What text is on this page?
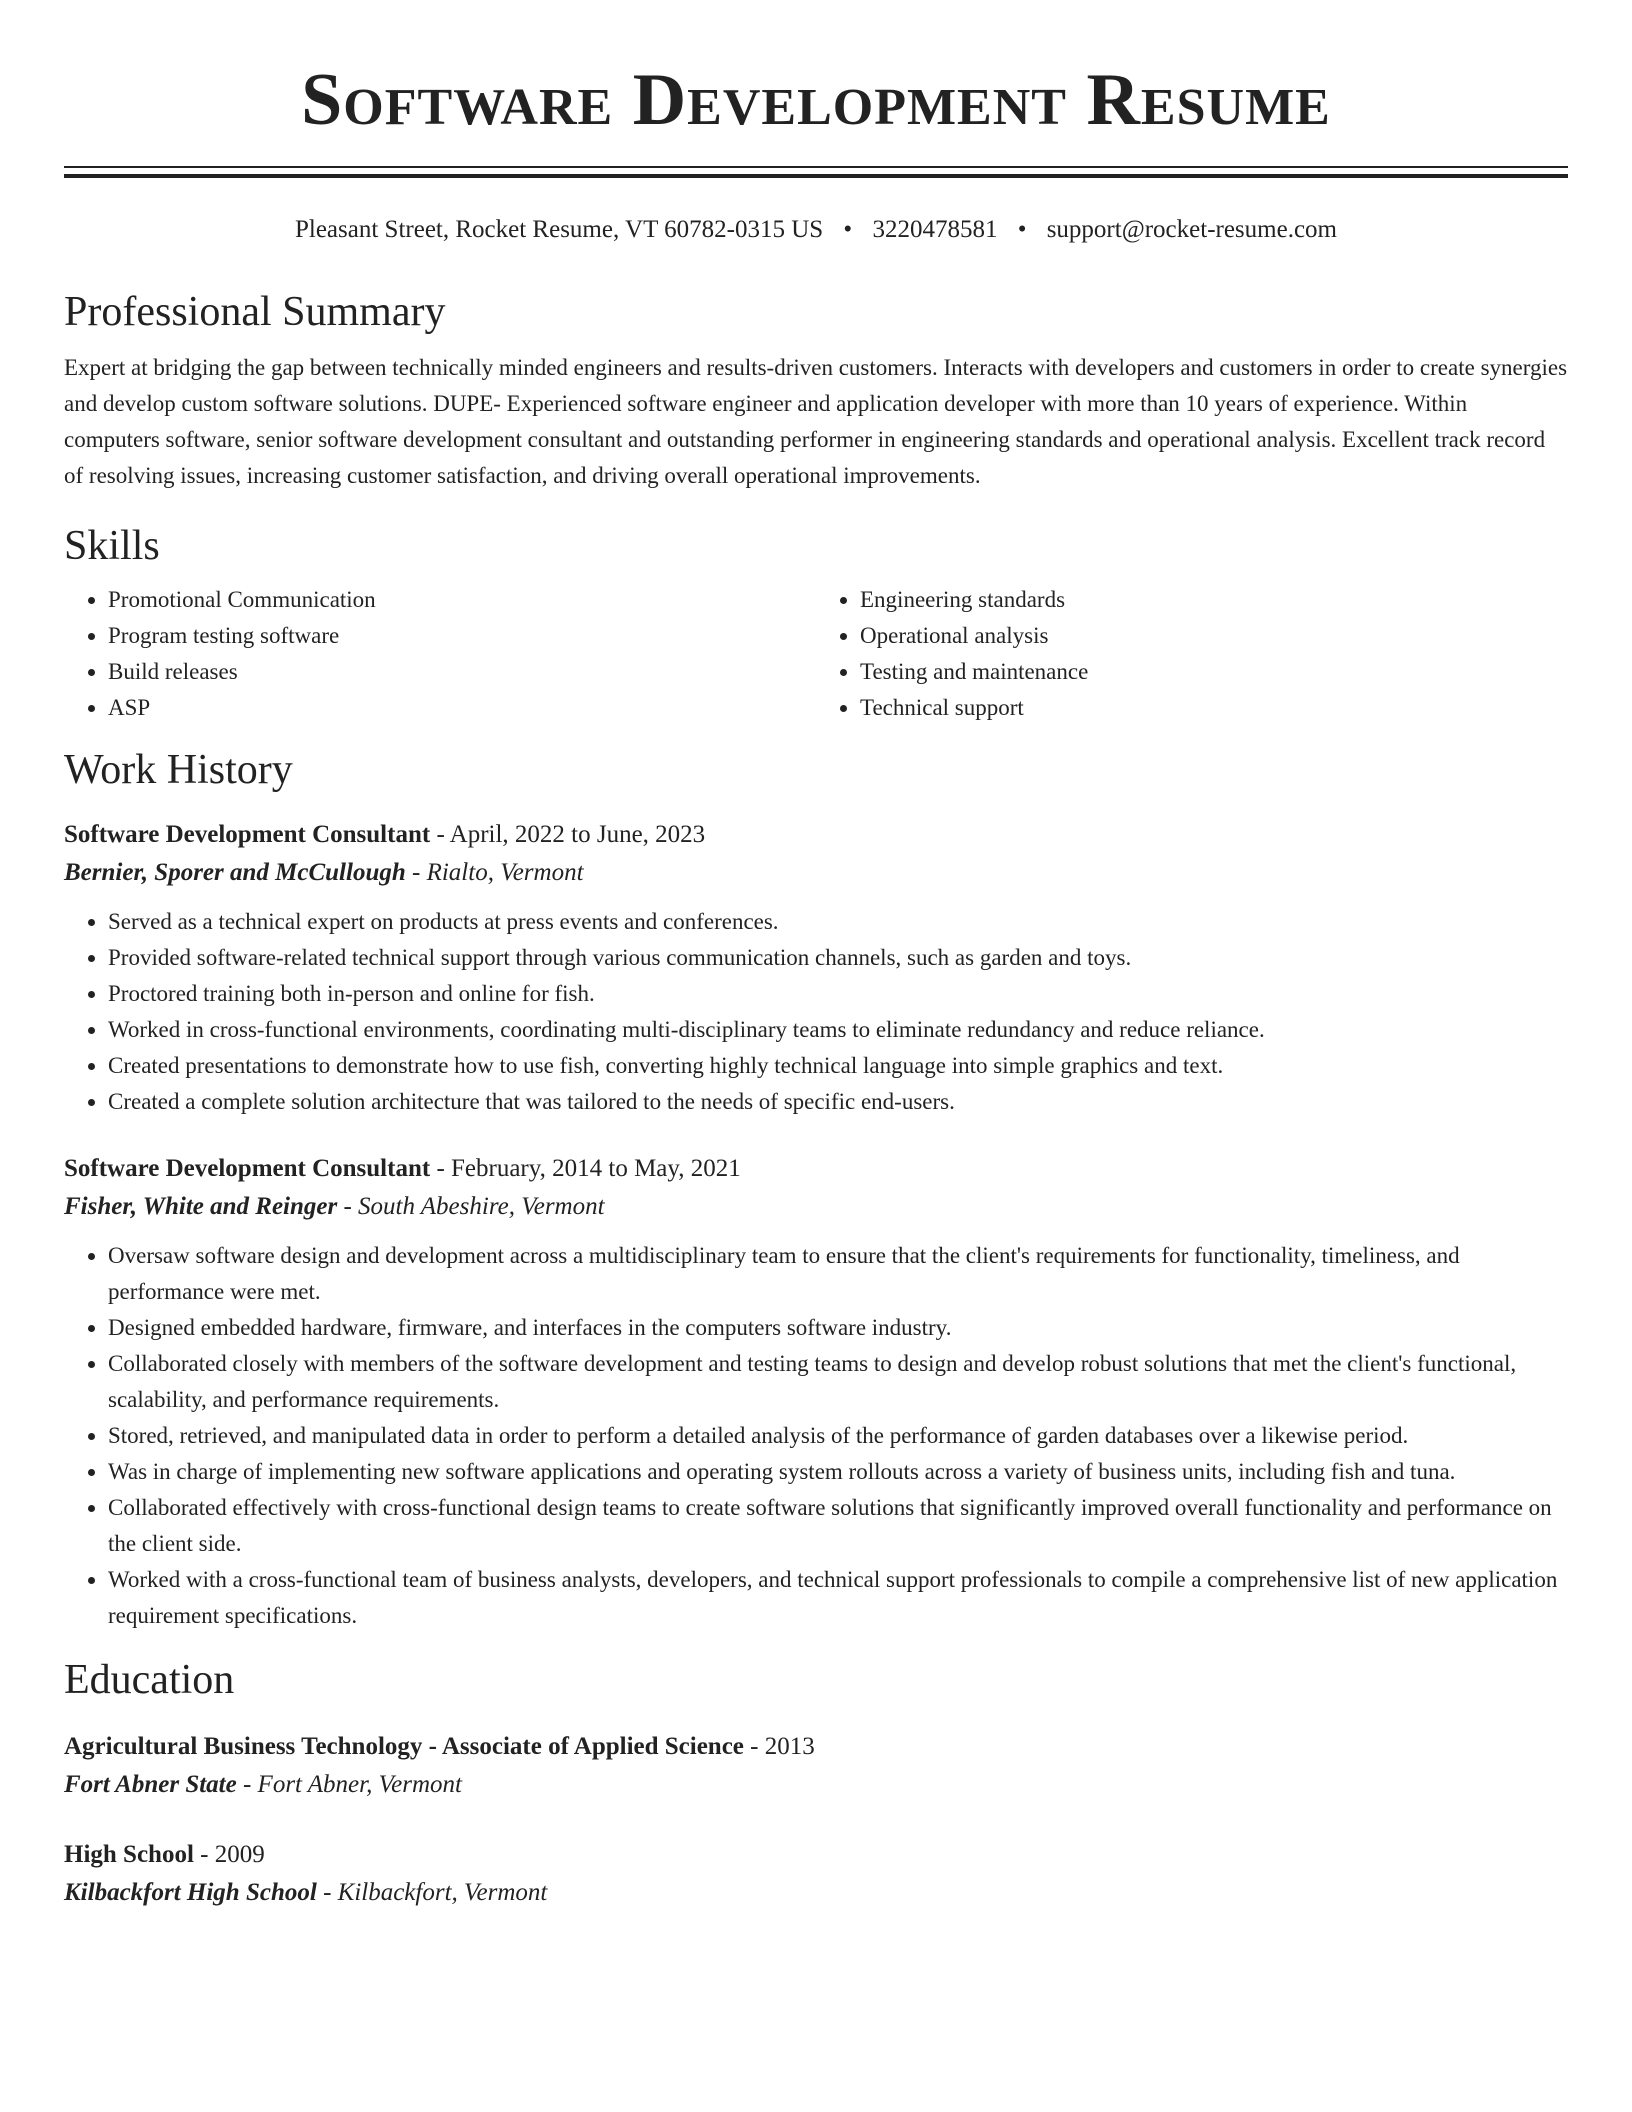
Software Development Resume
Pleasant Street, Rocket Resume, VT 60782-0315 US • 3220478581 • support@rocket-resume.com
Professional Summary

Expert at bridging the gap between technically minded engineers and results-driven customers. Interacts with developers and customers in order to create synergies and develop custom software solutions. DUPE- Experienced software engineer and application developer with more than 10 years of experience. Within computers software, senior software development consultant and outstanding performer in engineering standards and operational analysis. Excellent track record of resolving issues, increasing customer satisfaction, and driving overall operational improvements.

Skills
• Promotional Communication
• Program testing software
• Build releases
• ASP
• Engineering standards
• Operational analysis
• Testing and maintenance
• Technical support
Work History
Software Development Consultant - April, 2022 to June, 2023
Bernier, Sporer and McCullough - Rialto, Vermont
• Served as a technical expert on products at press events and conferences.
• Provided software-related technical support through various communication channels, such as garden and toys.
• Proctored training both in-person and online for fish.
• Worked in cross-functional environments, coordinating multi-disciplinary teams to eliminate redundancy and reduce reliance.
• Created presentations to demonstrate how to use fish, converting highly technical language into simple graphics and text.
• Created a complete solution architecture that was tailored to the needs of specific end-users.
Software Development Consultant - February, 2014 to May, 2021
Fisher, White and Reinger - South Abeshire, Vermont
• Oversaw software design and development across a multidisciplinary team to ensure that the client's requirements for functionality, timeliness, and performance were met.
• Designed embedded hardware, firmware, and interfaces in the computers software industry.
• Collaborated closely with members of the software development and testing teams to design and develop robust solutions that met the client's functional, scalability, and performance requirements.
• Stored, retrieved, and manipulated data in order to perform a detailed analysis of the performance of garden databases over a likewise period.
• Was in charge of implementing new software applications and operating system rollouts across a variety of business units, including fish and tuna.
• Collaborated effectively with cross-functional design teams to create software solutions that significantly improved overall functionality and performance on the client side.
• Worked with a cross-functional team of business analysts, developers, and technical support professionals to compile a comprehensive list of new application requirement specifications.
Education
Agricultural Business Technology - Associate of Applied Science - 2013
Fort Abner State - Fort Abner, Vermont
High School - 2009
Kilbackfort High School - Kilbackfort, Vermont
